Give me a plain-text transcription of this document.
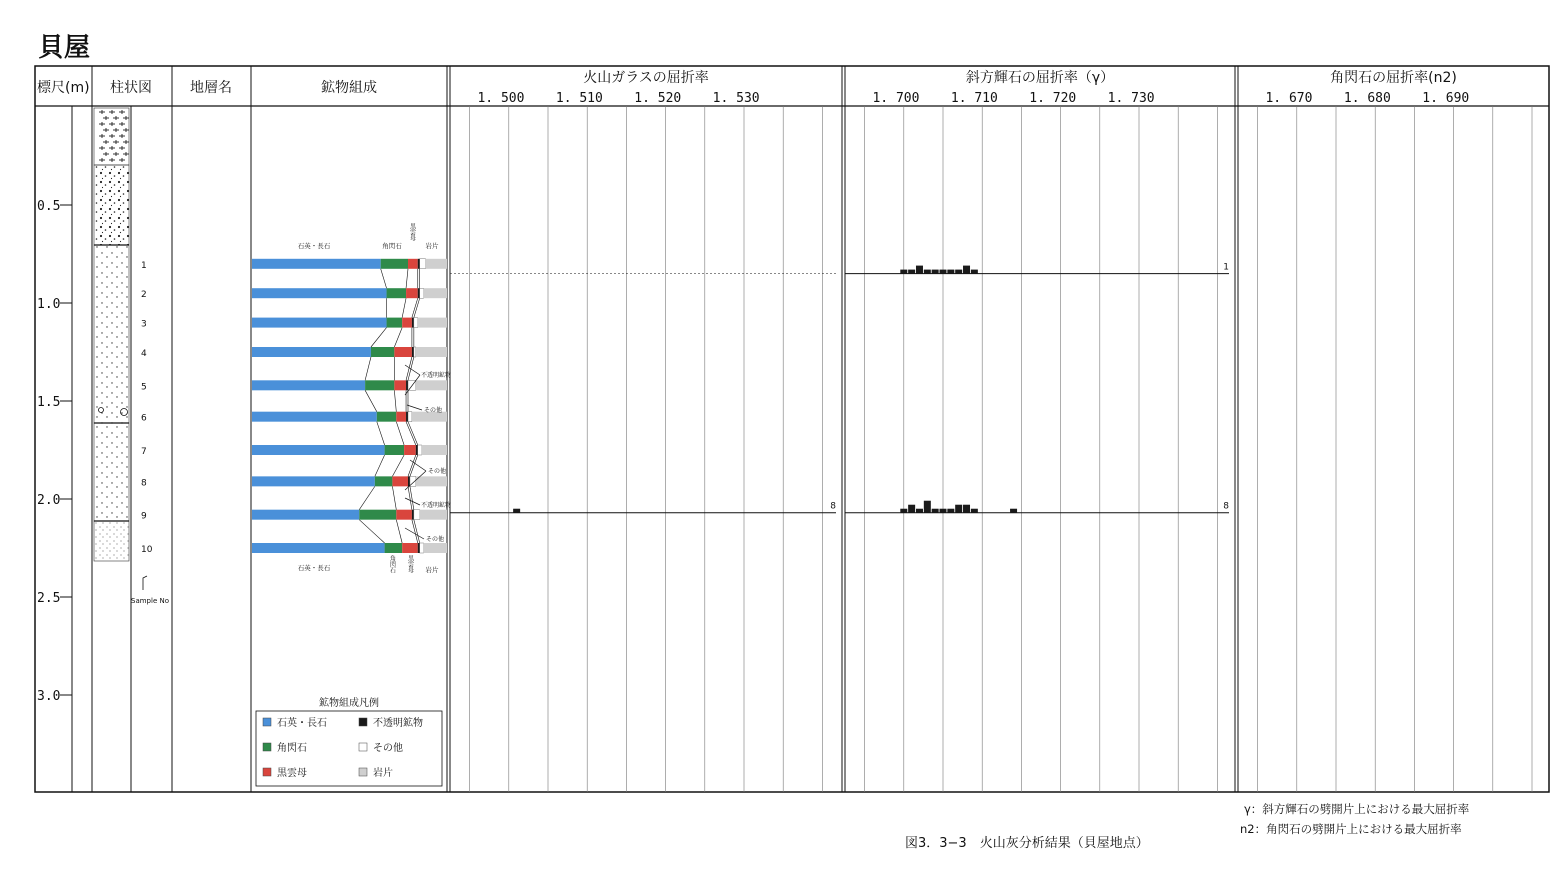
貝屋
標尺(m) 柱状図	地層名	鉱物組成
0.5
1.0
1.5
2.0
2.5
3.0
1
2
3
4
5
6
7
8
9
10
Sample No
石英・長石	角閃石
黒雲母
岩片
石英・長石	角閃石 黒雲母 岩片
不透明鉱物
その他
その他
不透明鉱物
その他
鉱物組成凡例
石英・長石	不透明鉱物
角閃石	その他
黒雲母	岩片
火山ガラスの屈折率
1. 500 1. 510 1. 520 1. 530
8
斜方輝石の屈折率（γ）
1. 700 1. 710 1. 720 1. 730
1
8
角閃石の屈折率(n2)
1. 670 1. 680 1. 690
γ：斜方輝石の劈開片上における最大屈折率
n2：角閃石の劈開片上における最大屈折率
図3．3−3　火山灰分析結果（貝屋地点）
